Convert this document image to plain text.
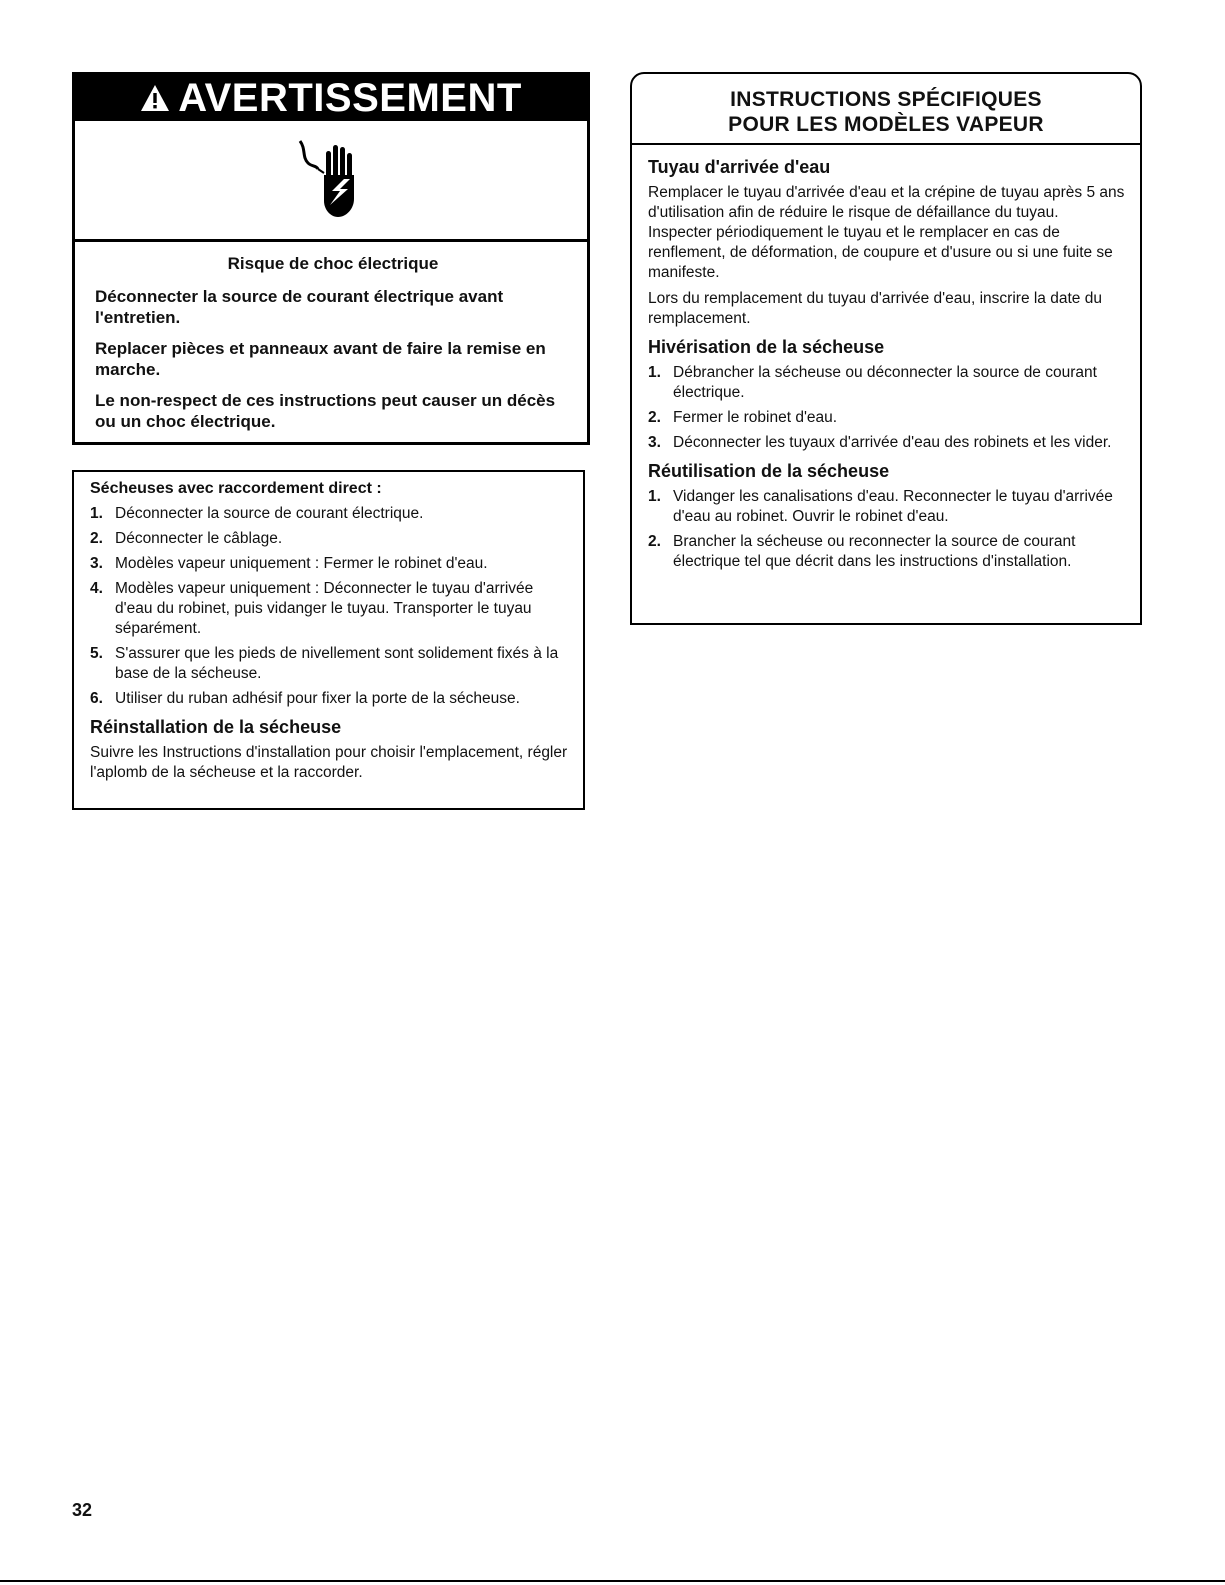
AVERTISSEMENT

Risque de choc électrique

Déconnecter la source de courant électrique avant l'entretien.

Replacer pièces et panneaux avant de faire la remise en marche.

Le non-respect de ces instructions peut causer un décès ou un choc électrique.

Sécheuses avec raccordement direct :

1. Déconnecter la source de courant électrique.
2. Déconnecter le câblage.
3. Modèles vapeur uniquement : Fermer le robinet d'eau.
4. Modèles vapeur uniquement : Déconnecter le tuyau d'arrivée d'eau du robinet, puis vidanger le tuyau. Transporter le tuyau séparément.
5. S'assurer que les pieds de nivellement sont solidement fixés à la base de la sécheuse.
6. Utiliser du ruban adhésif pour fixer la porte de la sécheuse.

Réinstallation de la sécheuse

Suivre les Instructions d'installation pour choisir l'emplacement, régler l'aplomb de la sécheuse et la raccorder.

INSTRUCTIONS SPÉCIFIQUES
POUR LES MODÈLES VAPEUR

Tuyau d'arrivée d'eau

Remplacer le tuyau d'arrivée d'eau et la crépine de tuyau après 5 ans d'utilisation afin de réduire le risque de défaillance du tuyau. Inspecter périodiquement le tuyau et le remplacer en cas de renflement, de déformation, de coupure et d'usure ou si une fuite se manifeste.

Lors du remplacement du tuyau d'arrivée d'eau, inscrire la date du remplacement.

Hivérisation de la sécheuse

1. Débrancher la sécheuse ou déconnecter la source de courant électrique.
2. Fermer le robinet d'eau.
3. Déconnecter les tuyaux d'arrivée d'eau des robinets et les vider.

Réutilisation de la sécheuse

1. Vidanger les canalisations d'eau. Reconnecter le tuyau d'arrivée d'eau au robinet. Ouvrir le robinet d'eau.
2. Brancher la sécheuse ou reconnecter la source de courant électrique tel que décrit dans les instructions d'installation.
32
